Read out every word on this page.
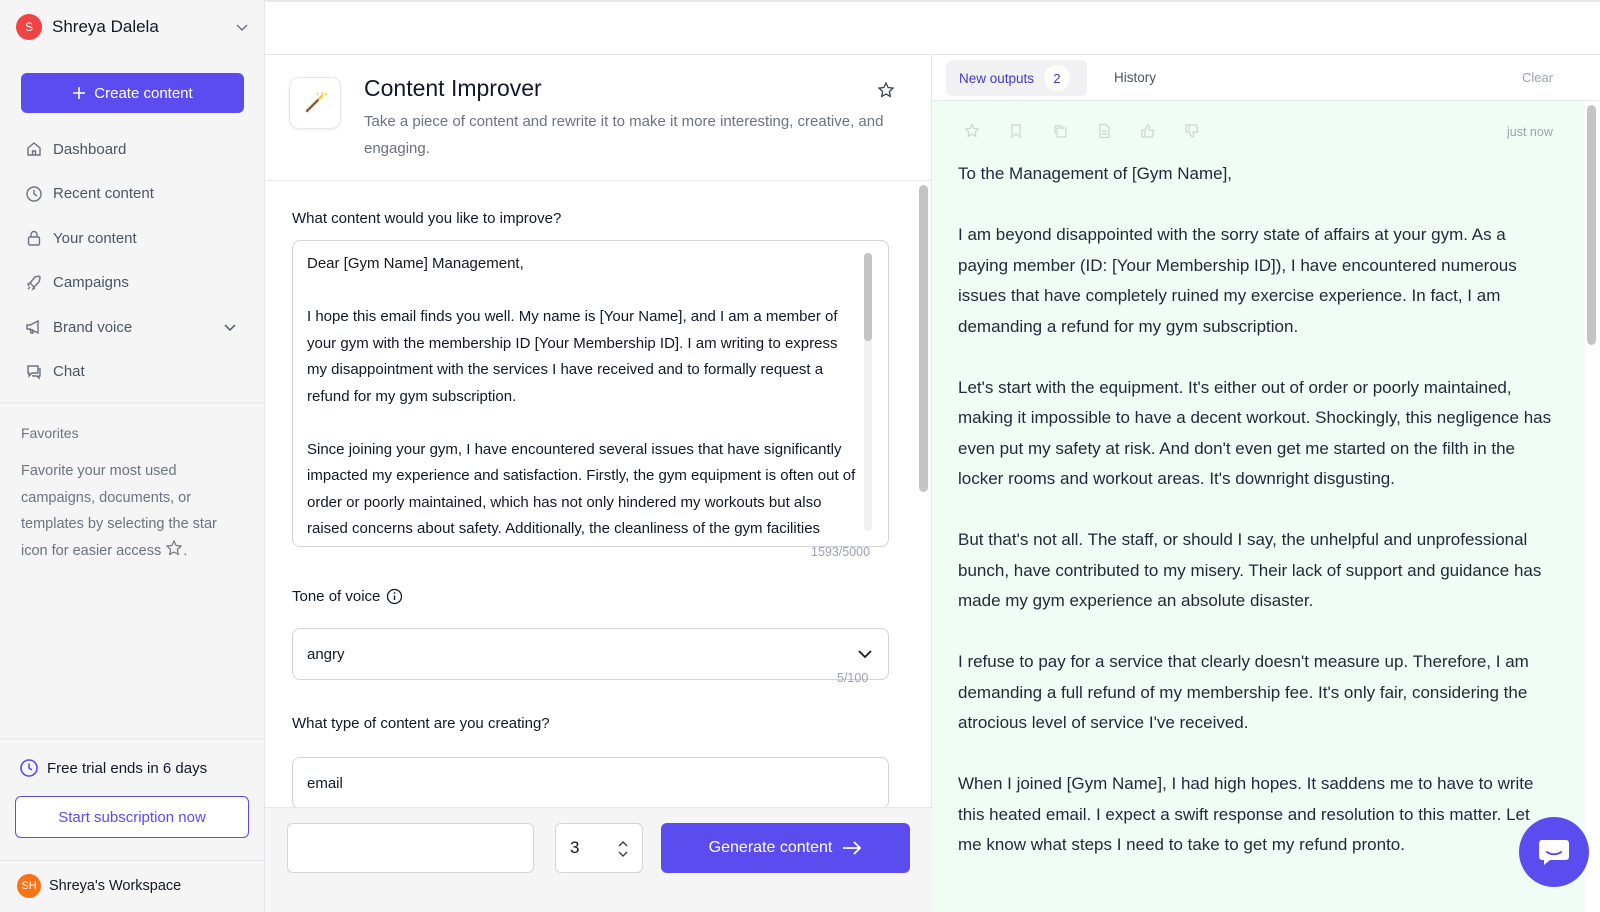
S	Shreya Dalela
Create content
Dashboard
Recent content
Your content
Campaigns
Brand voice
Chat
Favorites
Favorite your most used campaigns, documents, or templates by selecting the star icon for easier access .
Free trial ends in 6 days
Start subscription now
SH Shreya's Workspace
Content Improver
Take a piece of content and rewrite it to make it more interesting, creative, and engaging.
What content would you like to improve?
Dear [Gym Name] Management,

I hope this email finds you well. My name is [Your Name], and I am a member of your gym with the membership ID [Your Membership ID]. I am writing to express my disappointment with the services I have received and to formally request a refund for my gym subscription.

Since joining your gym, I have encountered several issues that have significantly impacted my experience and satisfaction. Firstly, the gym equipment is often out of order or poorly maintained, which has not only hindered my workouts but also raised concerns about safety. Additionally, the cleanliness of the gym facilities
1593/5000
Tone of voice
angry
5/100
What type of content are you creating?
email
3	Generate content
New outputs	2	History	Clear
just now

To the Management of [Gym Name],

I am beyond disappointed with the sorry state of affairs at your gym. As a paying member (ID: [Your Membership ID]), I have encountered numerous issues that have completely ruined my exercise experience. In fact, I am demanding a refund for my gym subscription.

Let's start with the equipment. It's either out of order or poorly maintained, making it impossible to have a decent workout. Shockingly, this negligence has even put my safety at risk. And don't even get me started on the filth in the locker rooms and workout areas. It's downright disgusting.

But that's not all. The staff, or should I say, the unhelpful and unprofessional bunch, have contributed to my misery. Their lack of support and guidance has made my gym experience an absolute disaster.

I refuse to pay for a service that clearly doesn't measure up. Therefore, I am demanding a full refund of my membership fee. It's only fair, considering the atrocious level of service I've received.

When I joined [Gym Name], I had high hopes. It saddens me to have to write this heated email. I expect a swift response and resolution to this matter. Let me know what steps I need to take to get my refund pronto.
